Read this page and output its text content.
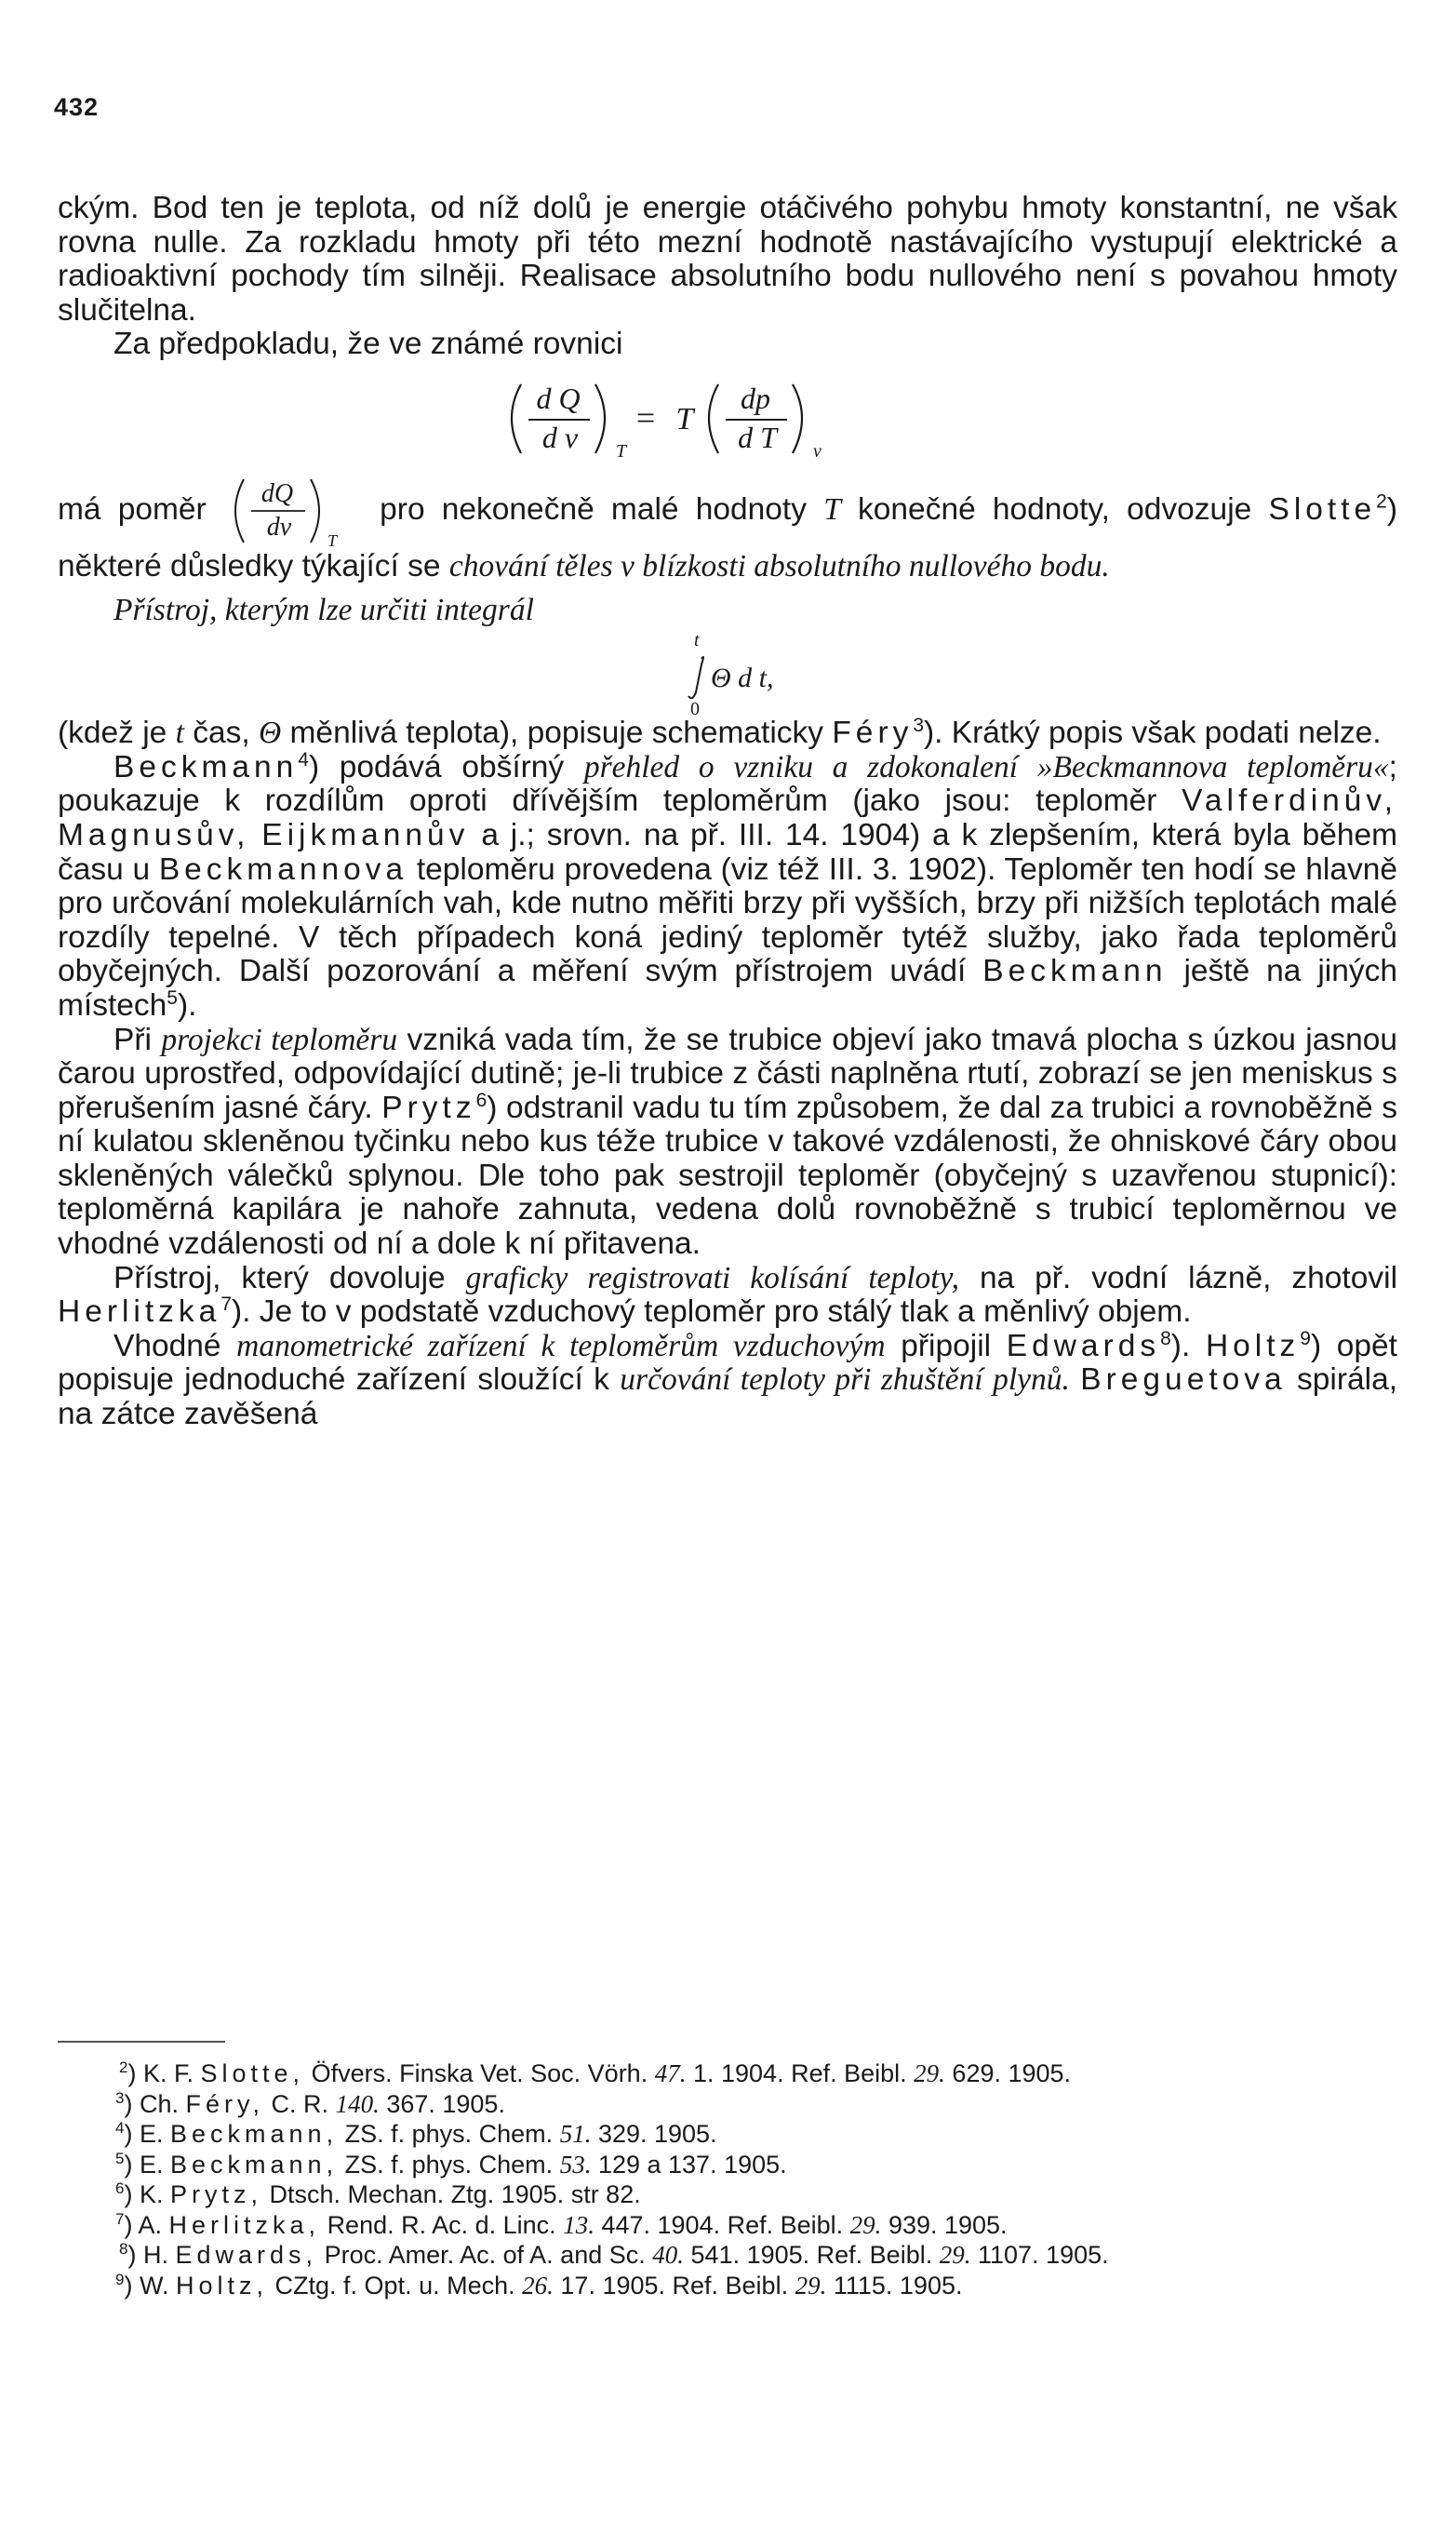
432

ckým. Bod ten je teplota, od níž dolů je energie otáčivého pohybu hmoty konstantní, ne však rovna nulle. Za rozkladu hmoty při této mezní hodnotě nastávajícího vystupují elektrické a radioaktivní pochody tím silněji. Realisace absolutního bodu nullového není s povahou hmoty slučitelna.

Za předpokladu, že ve známé rovnici

d Q
d v T
= T
dp
d T v

má poměr dQ
dv T
pro nekonečně malé hodnoty T konečné hodnoty, odvozuje Slotte$^2$) některé důsledky týkající se chování těles v blízkosti absolutního nullového bodu.

Přístroj, kterým lze určiti integrál

t
0
Θ d t,

(kdež je t čas, Θ měnlivá teplota), popisuje schematicky Féry$^3$). Krátký popis však podati nelze.

Beckmann$^4$) podává obšírný přehled o vzniku a zdokonalení »Beckmannova teploměru«; poukazuje k rozdílům oproti dřívějším teploměrům (jako jsou: teploměr Valferdinův, Magnusův, Eijkmannův a j.; srovn. na př. III. 14. 1904) a k zlepšením, která byla během času u Beckmannova teploměru provedena (viz též III. 3. 1902). Teploměr ten hodí se hlavně pro určování molekulárních vah, kde nutno měřiti brzy při vyšších, brzy při nižších teplotách malé rozdíly tepelné. V těch případech koná jediný teploměr tytéž služby, jako řada teploměrů obyčejných. Další pozorování a měření svým přístrojem uvádí Beckmann ještě na jiných místech$^5$).

Při projekci teploměru vzniká vada tím, že se trubice objeví jako tmavá plocha s úzkou jasnou čarou uprostřed, odpovídající dutině; je-li trubice z části naplněna rtutí, zobrazí se jen meniskus s přerušením jasné čáry. Prytz$^6$) odstranil vadu tu tím způsobem, že dal za trubici a rovnoběžně s ní kulatou skleněnou tyčinku nebo kus téže trubice v takové vzdálenosti, že ohniskové čáry obou skleněných válečků splynou. Dle toho pak sestrojil teploměr (obyčejný s uzavřenou stupnicí): teploměrná kapilára je nahoře zahnuta, vedena dolů rovnoběžně s trubicí teploměrnou ve vhodné vzdálenosti od ní a dole k ní přitavena.

Přístroj, který dovoluje graficky registrovati kolísání teploty, na př. vodní lázně, zhotovil Herlitzka$^7$). Je to v podstatě vzduchový teploměr pro stálý tlak a měnlivý objem.

Vhodné manometrické zařízení k teploměrům vzduchovým připojil Edwards$^8$). Holtz$^9$) opět popisuje jednoduché zařízení sloužící k určování teploty při zhuštění plynů. Breguetova spirála, na zátce zavěšená

$^2$) K. F. Slotte, Öfvers. Finska Vet. Soc. Vörh. 47. 1. 1904. Ref. Beibl. 29. 629. 1905.

$^3$) Ch. Féry, C. R. 140. 367. 1905.

$^4$) E. Beckmann, ZS. f. phys. Chem. 51. 329. 1905.

$^5$) E. Beckmann, ZS. f. phys. Chem. 53. 129 a 137. 1905.

$^6$) K. Prytz, Dtsch. Mechan. Ztg. 1905. str 82.

$^7$) A. Herlitzka, Rend. R. Ac. d. Linc. 13. 447. 1904. Ref. Beibl. 29. 939. 1905.

$^8$) H. Edwards, Proc. Amer. Ac. of A. and Sc. 40. 541. 1905. Ref. Beibl. 29. 1107. 1905.

$^9$) W. Holtz, CZtg. f. Opt. u. Mech. 26. 17. 1905. Ref. Beibl. 29. 1115. 1905.
